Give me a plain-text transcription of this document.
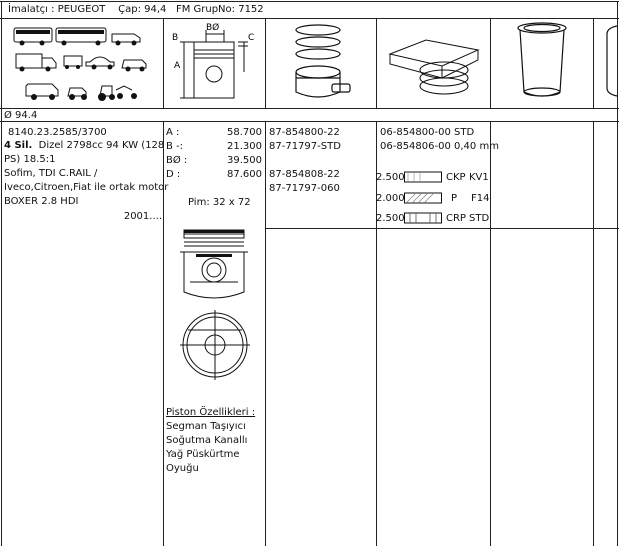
İmalatçı : PEUGEOT Çap: 94,4 FM GrupNo: 7152
B
BØ
C
A
Ø 94.4
8140.23.2585/3700
4 Sil. Dizel 2798cc 94 KW (128
PS) 18.5:1
Sofim, TDI C.RAIL /
Iveco,Citroen,Fiat ile ortak motor
BOXER 2.8 HDI
2001....
A :	58.700
B -:	21.300
BØ :	39.500
D :	87.600
Pim: 32 x 72
Piston Özellikleri :
Segman Taşıyıcı
Soğutma Kanallı
Yağ Püskürtme
Oyuğu
87-854800-22
87-71797-STD
87-854808-22
87-71797-060
06-854800-00 STD
06-854806-00 0,40 mm
2.500	CKP KV1
2.000	P F14
2.500	CRP STD
